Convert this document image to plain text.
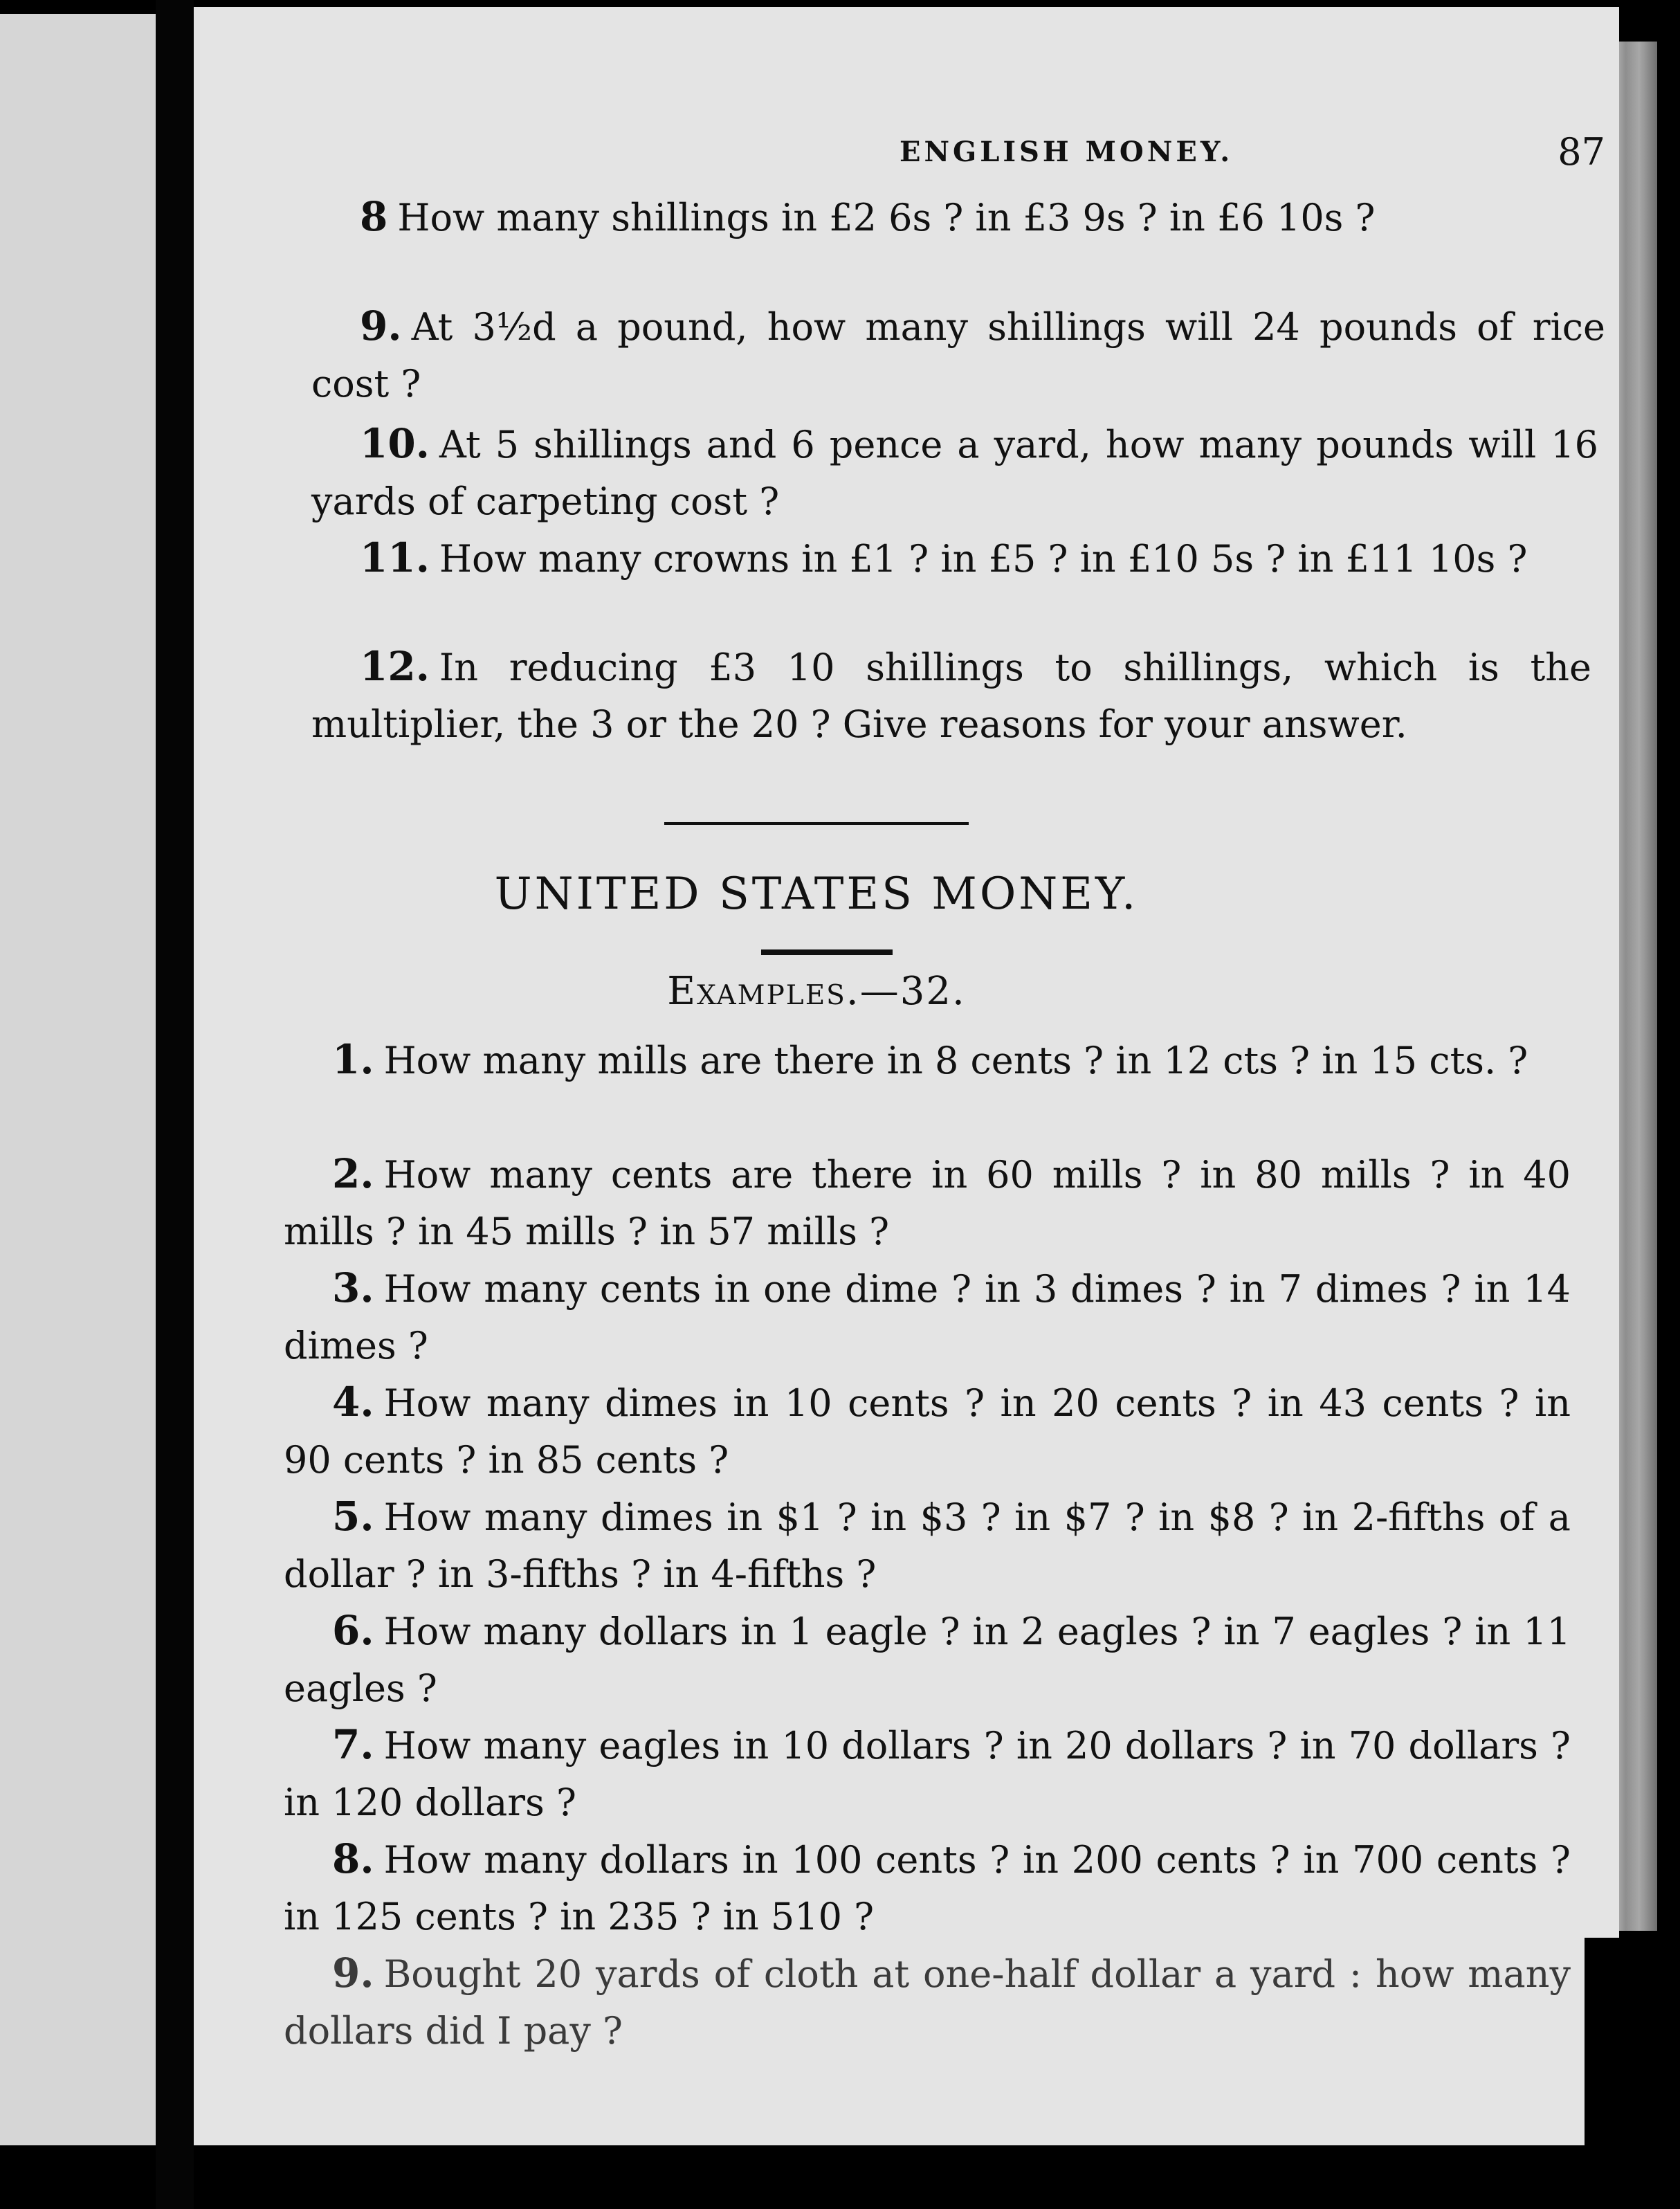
ENGLISH MONEY.	87
8 How many shillings in £2 6s ? in £3 9s ? in £6 10s ?
9. At 3½d a pound, how many shillings will 24 pounds of rice cost ?
10. At 5 shillings and 6 pence a yard, how many pounds will 16 yards of carpeting cost ?
11. How many crowns in £1 ? in £5 ? in £10 5s ? in £11 10s ?
12. In reducing £3 10 shillings to shillings, which is the multiplier, the 3 or the 20 ? Give reasons for your answer.
UNITED STATES MONEY.
Examples.—32.
1. How many mills are there in 8 cents ? in 12 cts ? in 15 cts. ?
2. How many cents are there in 60 mills ? in 80 mills ? in 40 mills ? in 45 mills ? in 57 mills ?
3. How many cents in one dime ? in 3 dimes ? in 7 dimes ? in 14 dimes ?
4. How many dimes in 10 cents ? in 20 cents ? in 43 cents ? in 90 cents ? in 85 cents ?
5. How many dimes in $1 ? in $3 ? in $7 ? in $8 ? in 2-fifths of a dollar ? in 3-fifths ? in 4-fifths ?
6. How many dollars in 1 eagle ? in 2 eagles ? in 7 eagles ? in 11 eagles ?
7. How many eagles in 10 dollars ? in 20 dollars ? in 70 dollars ? in 120 dollars ?
8. How many dollars in 100 cents ? in 200 cents ? in 700 cents ? in 125 cents ? in 235 ? in 510 ?
9. Bought 20 yards of cloth at one-half dollar a yard : how many dollars did I pay ?
